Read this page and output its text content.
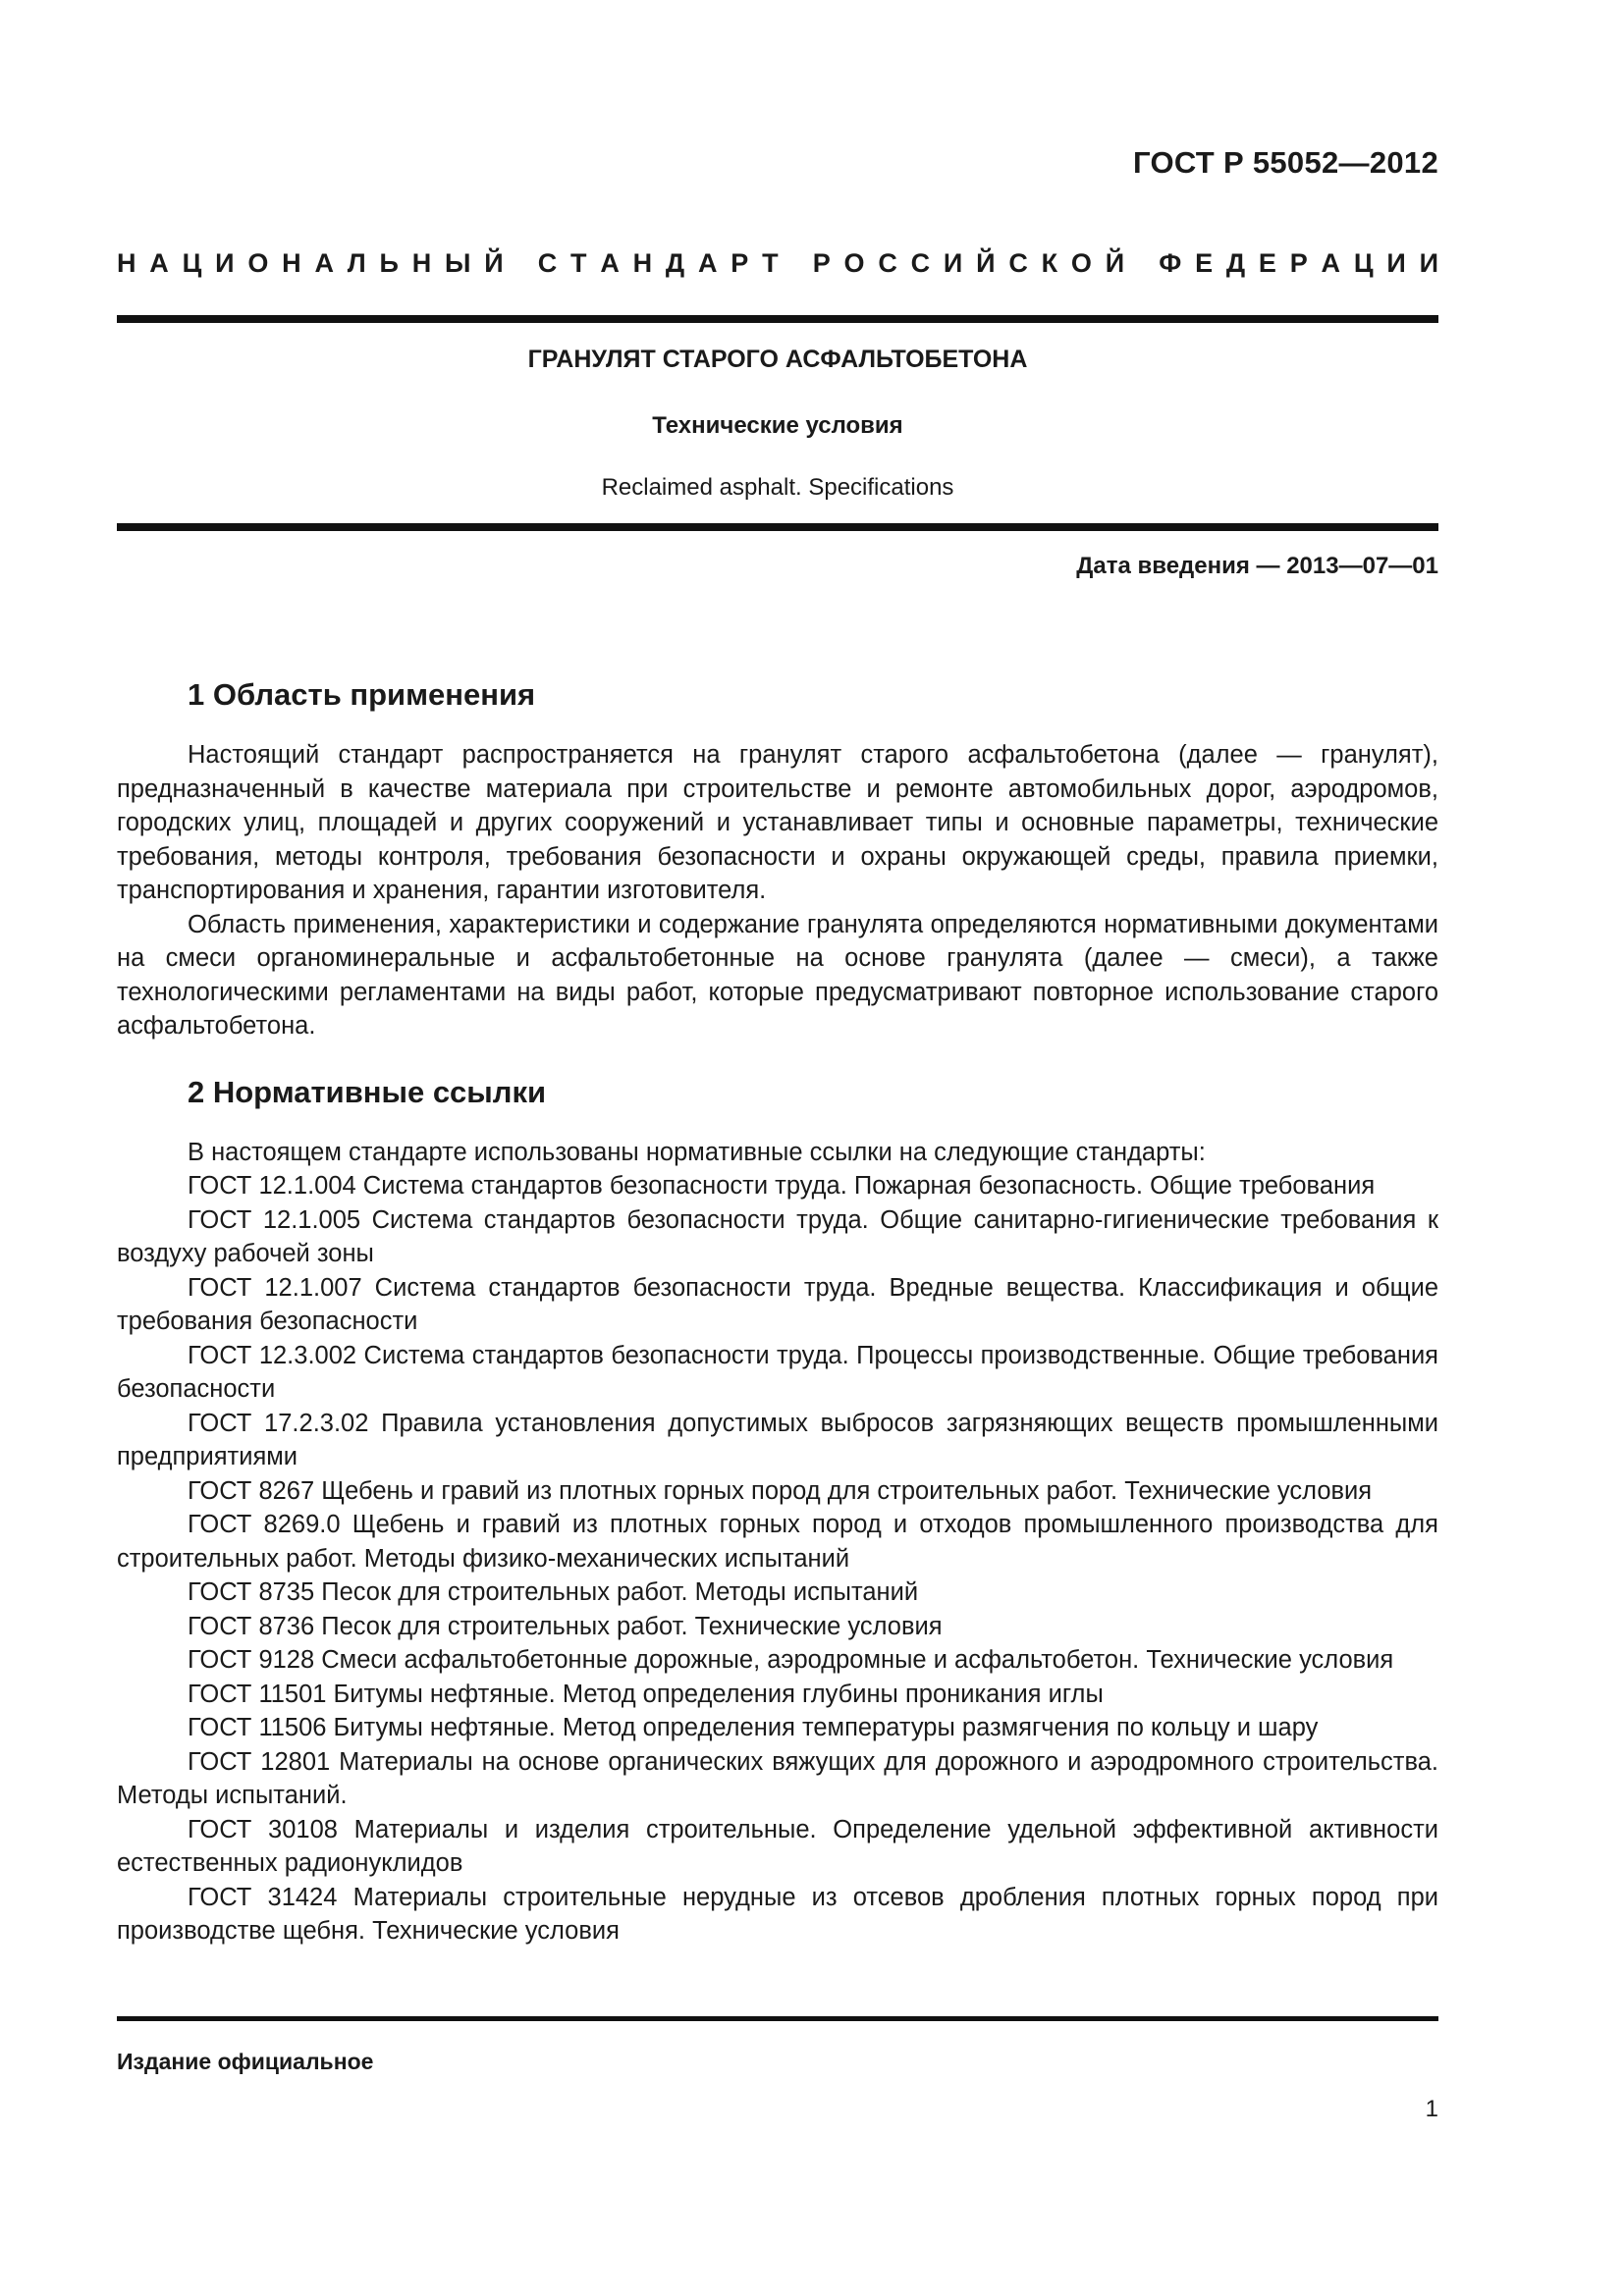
ГОСТ Р 55052—2012
Н А Ц И О Н А Л Ь Н Ы Й
С Т А Н Д А Р Т
Р О С С И Й С К О Й
Ф Е Д Е Р А Ц И И
ГРАНУЛЯТ СТАРОГО АСФАЛЬТОБЕТОНА
Технические условия
Reclaimed asphalt. Specifications
Дата введения — 2013—07—01
1 Область применения

Настоящий стандарт распространяется на гранулят старого асфальтобетона (далее — гранулят), предназначенный в качестве материала при строительстве и ремонте автомобильных дорог, аэродромов, городских улиц, площадей и других сооружений и устанавливает типы и основные параметры, технические требования, методы контроля, требования безопасности и охраны окружающей среды, правила приемки, транспортирования и хранения, гарантии изготовителя.

Область применения, характеристики и содержание гранулята определяются нормативными документами на смеси органоминеральные и асфальтобетонные на основе гранулята (далее — смеси), а также технологическими регламентами на виды работ, которые предусматривают повторное использование старого асфальтобетона.

2 Нормативные ссылки

В настоящем стандарте использованы нормативные ссылки на следующие стандарты:

ГОСТ 12.1.004 Система стандартов безопасности труда. Пожарная безопасность. Общие требования
ГОСТ 12.1.005 Система стандартов безопасности труда. Общие санитарно-гигиенические требования к воздуху рабочей зоны
ГОСТ 12.1.007 Система стандартов безопасности труда. Вредные вещества. Классификация и общие требования безопасности
ГОСТ 12.3.002 Система стандартов безопасности труда. Процессы производственные. Общие требования безопасности
ГОСТ 17.2.3.02 Правила установления допустимых выбросов загрязняющих веществ промышленными предприятиями
ГОСТ 8267 Щебень и гравий из плотных горных пород для строительных работ. Технические условия
ГОСТ 8269.0 Щебень и гравий из плотных горных пород и отходов промышленного производства для строительных работ. Методы физико-механических испытаний
ГОСТ 8735 Песок для строительных работ. Методы испытаний
ГОСТ 8736 Песок для строительных работ. Технические условия
ГОСТ 9128 Смеси асфальтобетонные дорожные, аэродромные и асфальтобетон. Технические условия
ГОСТ 11501 Битумы нефтяные. Метод определения глубины проникания иглы
ГОСТ 11506 Битумы нефтяные. Метод определения температуры размягчения по кольцу и шару
ГОСТ 12801 Материалы на основе органических вяжущих для дорожного и аэродромного строительства. Методы испытаний.
ГОСТ 30108 Материалы и изделия строительные. Определение удельной эффективной активности естественных радионуклидов
ГОСТ 31424 Материалы строительные нерудные из отсевов дробления плотных горных пород при производстве щебня. Технические условия
Издание официальное
1
